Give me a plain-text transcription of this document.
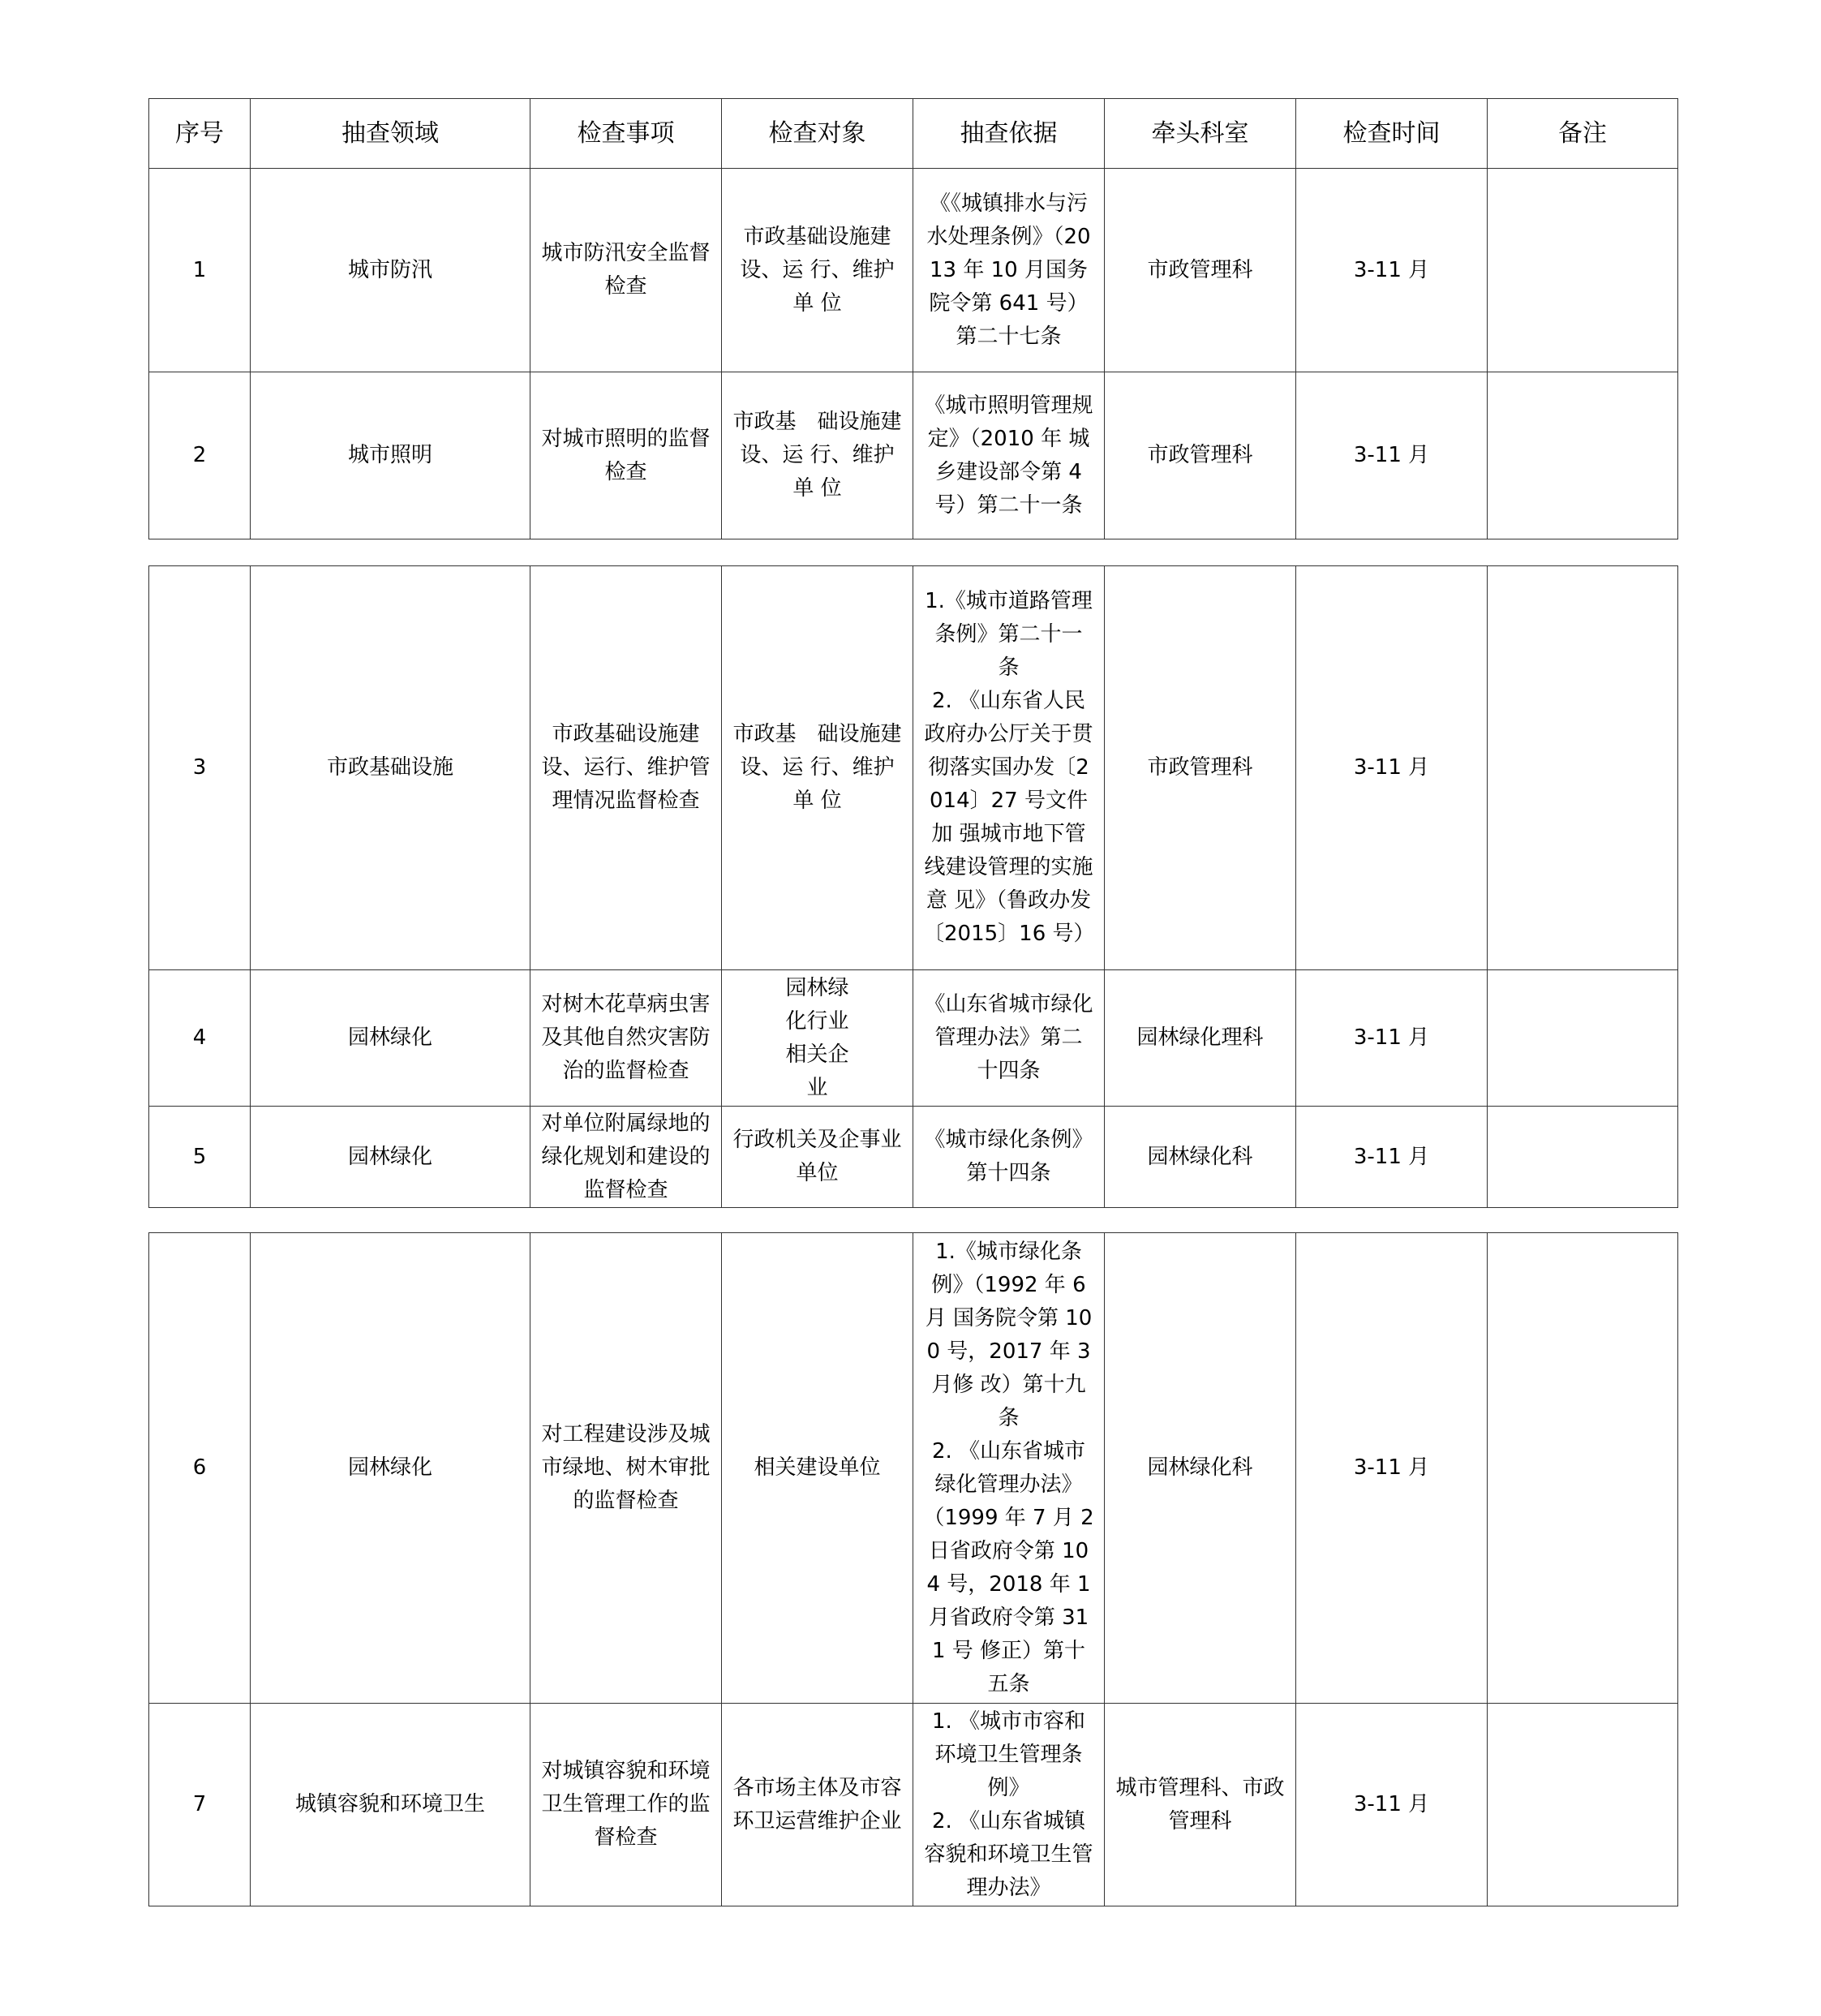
序号	抽查领域	检查事项	检查对象	抽查依据	牵头科室	检查时间	备注
1	城市防汛	城市防汛安全监督 检查	市政基础设施建设、运 行、维护单 位	《《城镇排水与污水处理条例》（2013 年 10 月国务院令第 641 号）第二十七条	市政管理科	3-11 月	
2	城市照明	对城市照明的监督检查	市政基　础设施建设、运 行、维护单 位	《城市照明管理规定》（2010 年 城 乡建设部令第 4 号）第二十一条	市政管理科	3-11 月	
3	市政基础设施	市政基础设施建设、运行、维护管理情况监督检查	市政基　础设施建设、运 行、维护单 位	1.《城市道路管理条例》第二十一 条
2. 《山东省人民政府办公厅关于贯 彻落实国办发〔2014〕27 号文件加 强城市地下管线建设管理的实施意 见》（鲁政办发〔2015〕16 号）	市政管理科	3-11 月	
4	园林绿化	对树木花草病虫害及其他自然灾害防治的监督检查	园林绿
化行业
相关企
业	《山东省城市绿化管理办法》第二 十四条	园林绿化理科	3-11 月	
5	园林绿化	对单位附属绿地的 绿化规划和建设的监督检查	行政机关及企事业单位	《城市绿化条例》第十四条	园林绿化科	3-11 月	
6	园林绿化	对工程建设涉及城　市绿地、树木审批的监督检查	相关建设单位	1.《城市绿化条例》（1992 年 6 月 国务院令第 100 号，2017 年 3 月修 改）第十九条
2. 《山东省城市绿化管理办法》（1999 年 7 月 2 日省政府令第 104 号，2018 年 1 月省政府令第 311 号 修正）第十五条	园林绿化科	3-11 月	
7	城镇容貌和环境卫生	对城镇容貌和环境卫生管理工作的监督检查	各市场主体及市容环卫运营维护企业	1. 《城市市容和环境卫生管理条例》
2. 《山东省城镇容貌和环境卫生管 理办法》	城市管理科、市政管理科	3-11 月	
